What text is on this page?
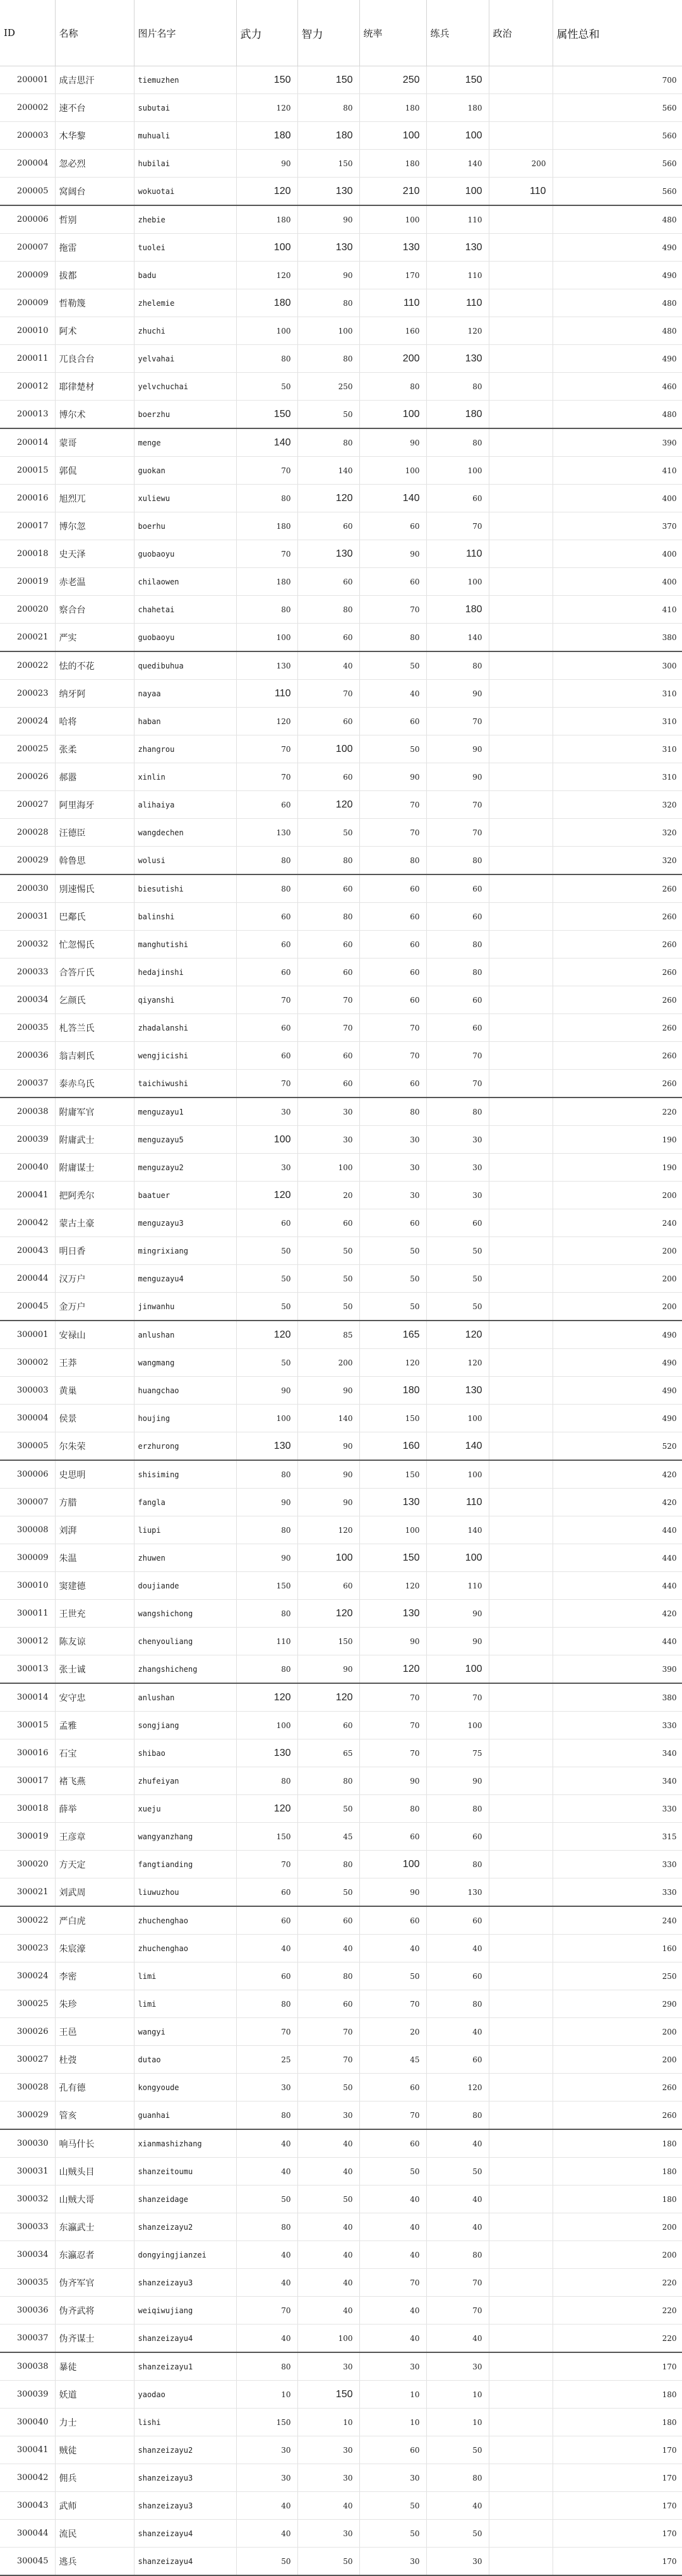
ID	名称	图片名字	武力	智力	统率	练兵	政治	属性总和
200001	成吉思汗	tiemuzhen	150	150	250	150		700
200002	速不台	subutai	120	80	180	180		560
200003	木华黎	muhuali	180	180	100	100		560
200004	忽必烈	hubilai	90	150	180	140	200	560
200005	窝阔台	wokuotai	120	130	210	100	110	560
200006	哲别	zhebie	180	90	100	110		480
200007	拖雷	tuolei	100	130	130	130		490
200009	拔都	badu	120	90	170	110		490
200009	哲勒篾	zhelemie	180	80	110	110		480
200010	阿术	zhuchi	100	100	160	120		480
200011	兀良合台	yelvahai	80	80	200	130		490
200012	耶律楚材	yelvchuchai	50	250	80	80		460
200013	博尔术	boerzhu	150	50	100	180		480
200014	蒙哥	menge	140	80	90	80		390
200015	郭侃	guokan	70	140	100	100		410
200016	旭烈兀	xuliewu	80	120	140	60		400
200017	博尔忽	boerhu	180	60	60	70		370
200018	史天泽	guobaoyu	70	130	90	110		400
200019	赤老温	chilaowen	180	60	60	100		400
200020	察合台	chahetai	80	80	70	180		410
200021	严实	guobaoyu	100	60	80	140		380
200022	怯的不花	quedibuhua	130	40	50	80		300
200023	纳牙阿	nayaa	110	70	40	90		310
200024	哈将	haban	120	60	60	70		310
200025	张柔	zhangrou	70	100	50	90		310
200026	郝嚣	xinlin	70	60	90	90		310
200027	阿里海牙	alihaiya	60	120	70	70		320
200028	汪德臣	wangdechen	130	50	70	70		320
200029	斡鲁思	wolusi	80	80	80	80		320
200030	別速惕氏	biesutishi	80	60	60	60		260
200031	巴鄰氏	balinshi	60	80	60	60		260
200032	忙忽惕氏	manghutishi	60	60	60	80		260
200033	合答斤氏	hedajinshi	60	60	60	80		260
200034	乞颜氏	qiyanshi	70	70	60	60		260
200035	札答兰氏	zhadalanshi	60	70	70	60		260
200036	翁吉剌氏	wengjicishi	60	60	70	70		260
200037	泰赤乌氏	taichiwushi	70	60	60	70		260
200038	附庸军官	menguzayu1	30	30	80	80		220
200039	附庸武士	menguzayu5	100	30	30	30		190
200040	附庸谋士	menguzayu2	30	100	30	30		190
200041	把阿秃尔	baatuer	120	20	30	30		200
200042	蒙古土豪	menguzayu3	60	60	60	60		240
200043	明日香	mingrixiang	50	50	50	50		200
200044	汉万户	menguzayu4	50	50	50	50		200
200045	金万户	jinwanhu	50	50	50	50		200
300001	安禄山	anlushan	120	85	165	120		490
300002	王莽	wangmang	50	200	120	120		490
300003	黄巢	huangchao	90	90	180	130		490
300004	侯景	houjing	100	140	150	100		490
300005	尔朱荣	erzhurong	130	90	160	140		520
300006	史思明	shisiming	80	90	150	100		420
300007	方腊	fangla	90	90	130	110		420
300008	刘湃	liupi	80	120	100	140		440
300009	朱温	zhuwen	90	100	150	100		440
300010	窦建德	doujiande	150	60	120	110		440
300011	王世充	wangshichong	80	120	130	90		420
300012	陈友谅	chenyouliang	110	150	90	90		440
300013	张士诚	zhangshicheng	80	90	120	100		390
300014	安守忠	anlushan	120	120	70	70		380
300015	孟雅	songjiang	100	60	70	100		330
300016	石宝	shibao	130	65	70	75		340
300017	褚飞燕	zhufeiyan	80	80	90	90		340
300018	薛举	xueju	120	50	80	80		330
300019	王彦章	wangyanzhang	150	45	60	60		315
300020	方天定	fangtianding	70	80	100	80		330
300021	刘武周	liuwuzhou	60	50	90	130		330
300022	严白虎	zhuchenghao	60	60	60	60		240
300023	朱宸濠	zhuchenghao	40	40	40	40		160
300024	李密	limi	60	80	50	60		250
300025	朱珍	limi	80	60	70	80		290
300026	王邑	wangyi	70	70	20	40		200
300027	杜弢	dutao	25	70	45	60		200
300028	孔有德	kongyoude	30	50	60	120		260
300029	管亥	guanhai	80	30	70	80		260
300030	响马什长	xianmashizhang	40	40	60	40		180
300031	山贼头目	shanzeitoumu	40	40	50	50		180
300032	山贼大哥	shanzeidage	50	50	40	40		180
300033	东瀛武士	shanzeizayu2	80	40	40	40		200
300034	东瀛忍者	dongyingjianzei	40	40	40	80		200
300035	伪齐军官	shanzeizayu3	40	40	70	70		220
300036	伪齐武将	weiqiwujiang	70	40	40	70		220
300037	伪齐谋士	shanzeizayu4	40	100	40	40		220
300038	暴徒	shanzeizayu1	80	30	30	30		170
300039	妖道	yaodao	10	150	10	10		180
300040	力士	lishi	150	10	10	10		180
300041	贼徒	shanzeizayu2	30	30	60	50		170
300042	佣兵	shanzeizayu3	30	30	30	80		170
300043	武师	shanzeizayu3	40	40	50	40		170
300044	流民	shanzeizayu4	40	30	50	50		170
300045	逃兵	shanzeizayu4	50	50	30	30		170
